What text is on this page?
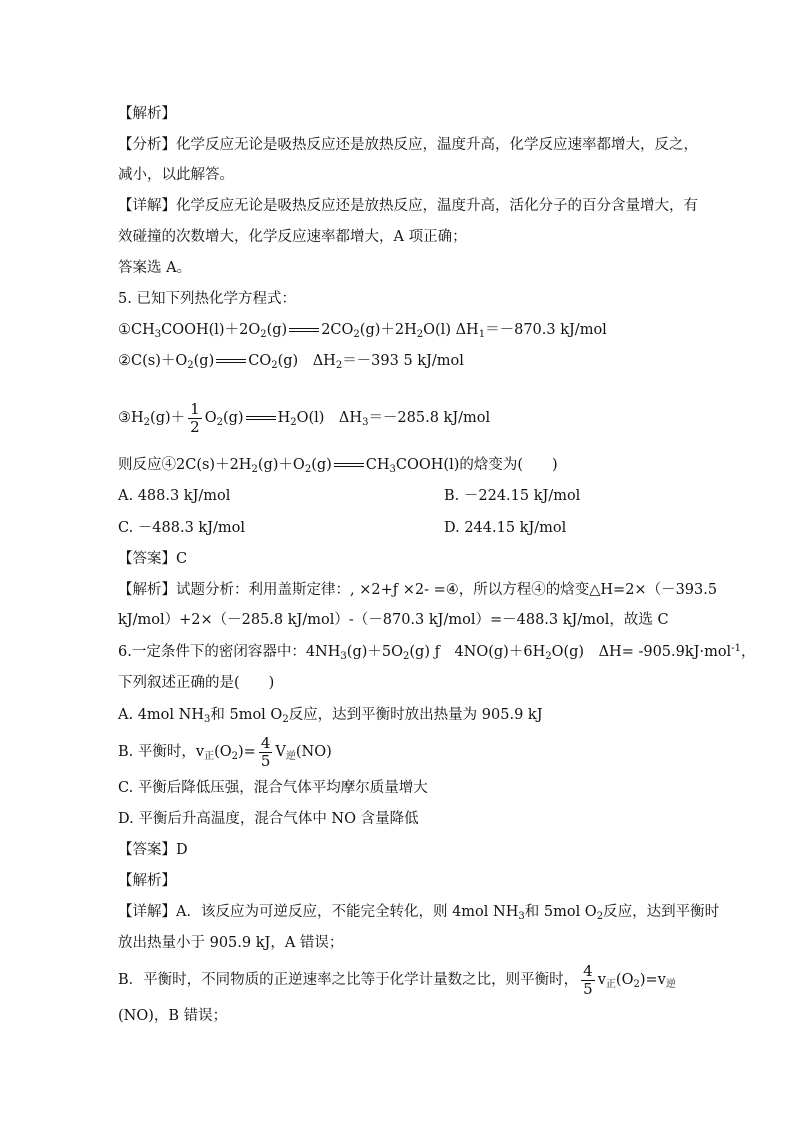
【解析】
【分析】化学反应无论是吸热反应还是放热反应，温度升高，化学反应速率都增大，反之，
减小，以此解答。
【详解】化学反应无论是吸热反应还是放热反应，温度升高，活化分子的百分含量增大，有
效碰撞的次数增大，化学反应速率都增大，A 项正确；
答案选 A。
5. 已知下列热化学方程式：
$①CH_3COOH(l)+2O_2(g)$ $2CO_2(g)+2H_2O(l)$ $\Delta H_1=-870.3$ kJ/mol
$②C(s)+O_2(g)$ $CO_2(g)$　$\Delta H_2=-393$ 5 kJ/mol
$③H_2(g)+ \frac{1}{2} O_2(g)$ $H_2O(l)$　$\Delta H_3=-285.8$ kJ/mol
则反应$④2C(s)+2H_2(g)+O_2(g)$ $CH_3COOH(l)$的焓变为(　　)
A. 488.3 kJ/mol	B. －224.15 kJ/mol
C. －488.3 kJ/mol	D. 244.15 kJ/mol
【答案】C
【解析】试题分析：利用盖斯定律：, ×2+ƒ ×2- =④，所以方程④的焓变△H=2×（－393.5
kJ/mol）+2×（－285.8 kJ/mol）-（－870.3 kJ/mol）=－488.3 kJ/mol，故选 C
6.一定条件下的密闭容器中：$4NH_3(g)+5O_2(g)$ ƒ　$4NO(g)+6H_2O(g)$　ΔH= -905.9kJ·mol$^{-1}$，
下列叙述正确的是(　　)
A. 4mol $NH_3$和 5mol $O_2$反应，达到平衡时放出热量为 905.9 kJ
B. 平衡时，$v_正(O_2)= \frac{4}{5} V_逆(NO)$
C. 平衡后降低压强，混合气体平均摩尔质量增大
D. 平衡后升高温度，混合气体中 NO 含量降低
【答案】D
【解析】
【详解】A．该反应为可逆反应，不能完全转化，则 4mol $NH_3$和 5mol $O_2$反应，达到平衡时
放出热量小于 905.9 kJ，A 错误；
B．平衡时，不同物质的正逆速率之比等于化学计量数之比，则平衡时， $\frac{4}{5} v_正(O_2)=v_逆$
(NO)，B 错误；
